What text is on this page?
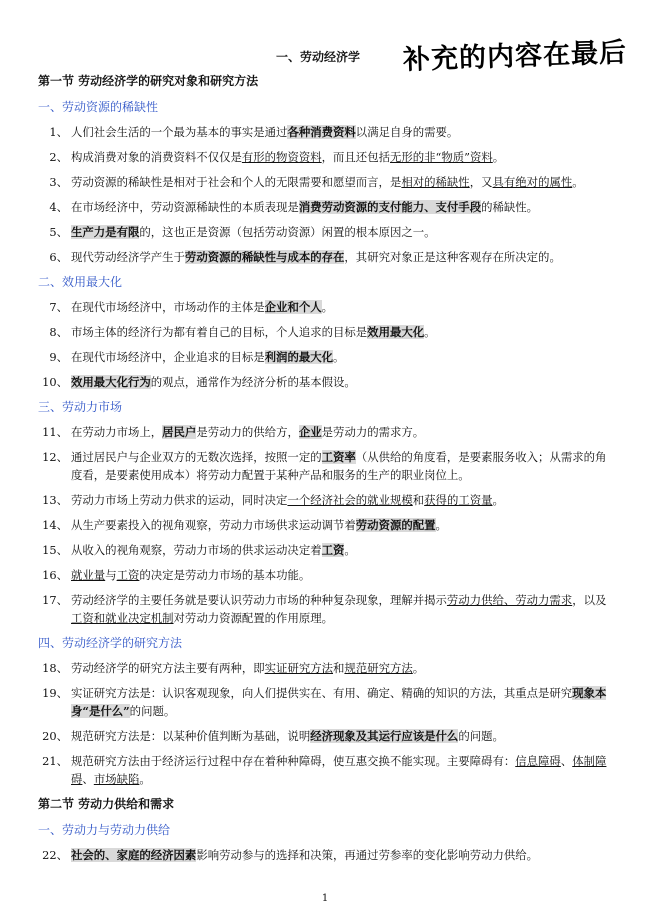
一、劳动经济学 补充的内容在最后
第一节 劳动经济学的研究对象和研究方法
一、劳动资源的稀缺性
1、 人们社会生活的一个最为基本的事实是通过各种消费资料以满足自身的需要。
2、 构成消费对象的消费资料不仅仅是有形的物资资料，而且还包括无形的非“物质”资料。
3、 劳动资源的稀缺性是相对于社会和个人的无限需要和愿望而言，是相对的稀缺性，又具有绝对的属性。
4、 在市场经济中，劳动资源稀缺性的本质表现是消费劳动资源的支付能力、支付手段的稀缺性。
5、 生产力是有限的，这也正是资源（包括劳动资源）闲置的根本原因之一。
6、 现代劳动经济学产生于劳动资源的稀缺性与成本的存在，其研究对象正是这种客观存在所决定的。
二、效用最大化
7、 在现代市场经济中，市场动作的主体是企业和个人。
8、 市场主体的经济行为都有着自己的目标，个人追求的目标是效用最大化。
9、 在现代市场经济中，企业追求的目标是利润的最大化。
10、 效用最大化行为的观点，通常作为经济分析的基本假设。
三、劳动力市场
11、 在劳动力市场上，居民户是劳动力的供给方，企业是劳动力的需求方。
12、 通过居民户与企业双方的无数次选择，按照一定的工资率（从供给的角度看，是要素服务收入；从需求的角度看，是要素使用成本）将劳动力配置于某种产品和服务的生产的职业岗位上。
13、 劳动力市场上劳动力供求的运动，同时决定一个经济社会的就业规模和获得的工资量。
14、 从生产要素投入的视角观察，劳动力市场供求运动调节着劳动资源的配置。
15、 从收入的视角观察，劳动力市场的供求运动决定着工资。
16、 就业量与工资的决定是劳动力市场的基本功能。
17、 劳动经济学的主要任务就是要认识劳动力市场的种种复杂现象，理解并揭示劳动力供给、劳动力需求，以及工资和就业决定机制对劳动力资源配置的作用原理。
四、劳动经济学的研究方法
18、 劳动经济学的研究方法主要有两种，即实证研究方法和规范研究方法。
19、 实证研究方法是：认识客观现象，向人们提供实在、有用、确定、精确的知识的方法，其重点是研究现象本身“是什么”的问题。
20、 规范研究方法是：以某种价值判断为基础，说明经济现象及其运行应该是什么的问题。
21、 规范研究方法由于经济运行过程中存在着种种障碍，使互惠交换不能实现。主要障碍有：信息障碍、体制障碍、市场缺陷。
第二节 劳动力供给和需求
一、劳动力与劳动力供给
22、 社会的、家庭的经济因素影响劳动参与的选择和决策，再通过劳参率的变化影响劳动力供给。
1
